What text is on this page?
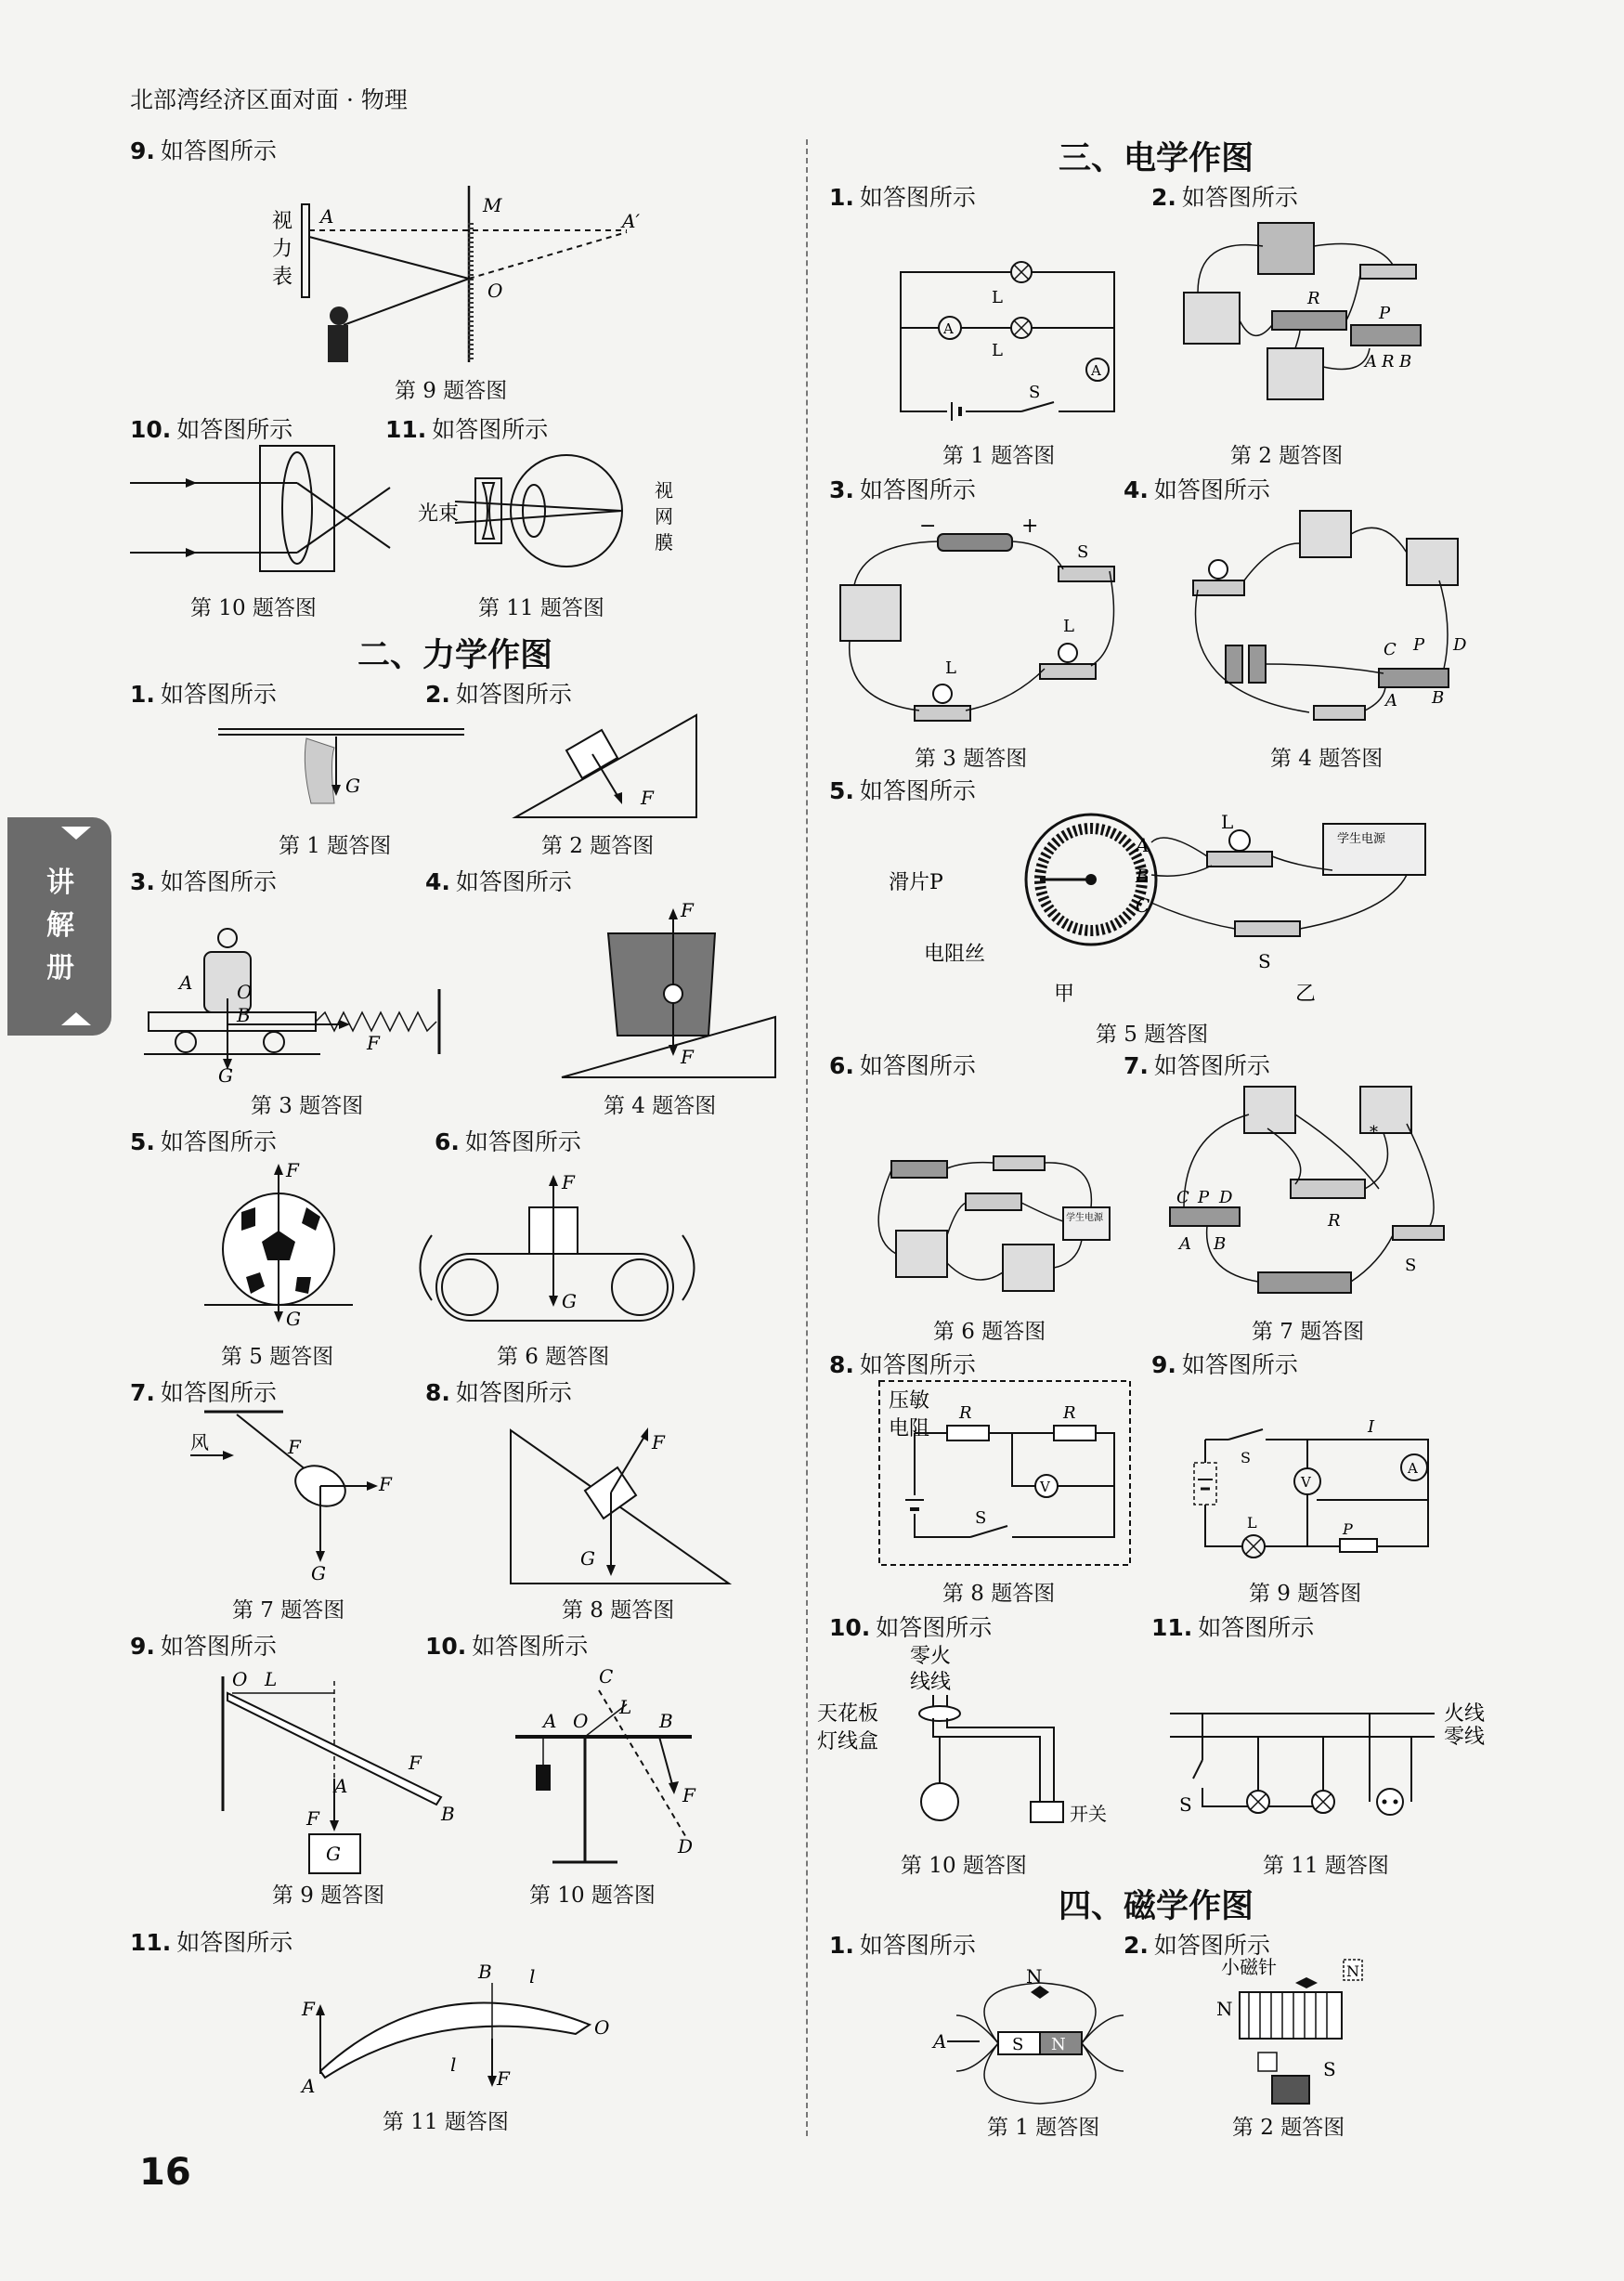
北部湾经济区面对面 · 物理
讲解册
9. 如答图所示
视
力
表
A	M
A′
O
第 9 题答图
10. 如答图所示	11. 如答图所示
光束
视
网
膜
第 10 题答图	第 11 题答图
二、力学作图
1. 如答图所示	2. 如答图所示
G
F
第 1 题答图	第 2 题答图
3. 如答图所示	4. 如答图所示
A O
B
G
F
F
F
第 3 题答图	第 4 题答图
5. 如答图所示	6. 如答图所示
F
G
F
G
第 5 题答图	第 6 题答图
7. 如答图所示	8. 如答图所示
风	F
F
G
F
G
第 7 题答图	第 8 题答图
9. 如答图所示	10. 如答图所示
O L
A
B
F
F
G
C
D
A O	B
L
F
第 9 题答图	第 10 题答图
11. 如答图所示
B l
O
F
A	F
l
第 11 题答图
16
三、电学作图
1. 如答图所示	2. 如答图所示
A
A
L
L
S
R
P
A R B
第 1 题答图	第 2 题答图
3. 如答图所示	4. 如答图所示
−	+
S
L
L
C P D
A B
第 3 题答图	第 4 题答图
5. 如答图所示
滑片P
电阻丝
甲
A
B
C
L
学生电源
S
乙
第 5 题答图
6. 如答图所示	7. 如答图所示
学生电源
C P D
A B
R
*
S
第 6 题答图	第 7 题答图
8. 如答图所示	9. 如答图所示
压敏
电阻
R	R
V
S
S
I
L
V
A
P
第 8 题答图	第 9 题答图
10. 如答图所示	11. 如答图所示
零火
线线
天花板
灯线盒
开关
火线
零线
S
第 10 题答图	第 11 题答图
四、磁学作图
1. 如答图所示	2. 如答图所示
N
A	S N
小磁针	N
N
S
第 1 题答图	第 2 题答图
